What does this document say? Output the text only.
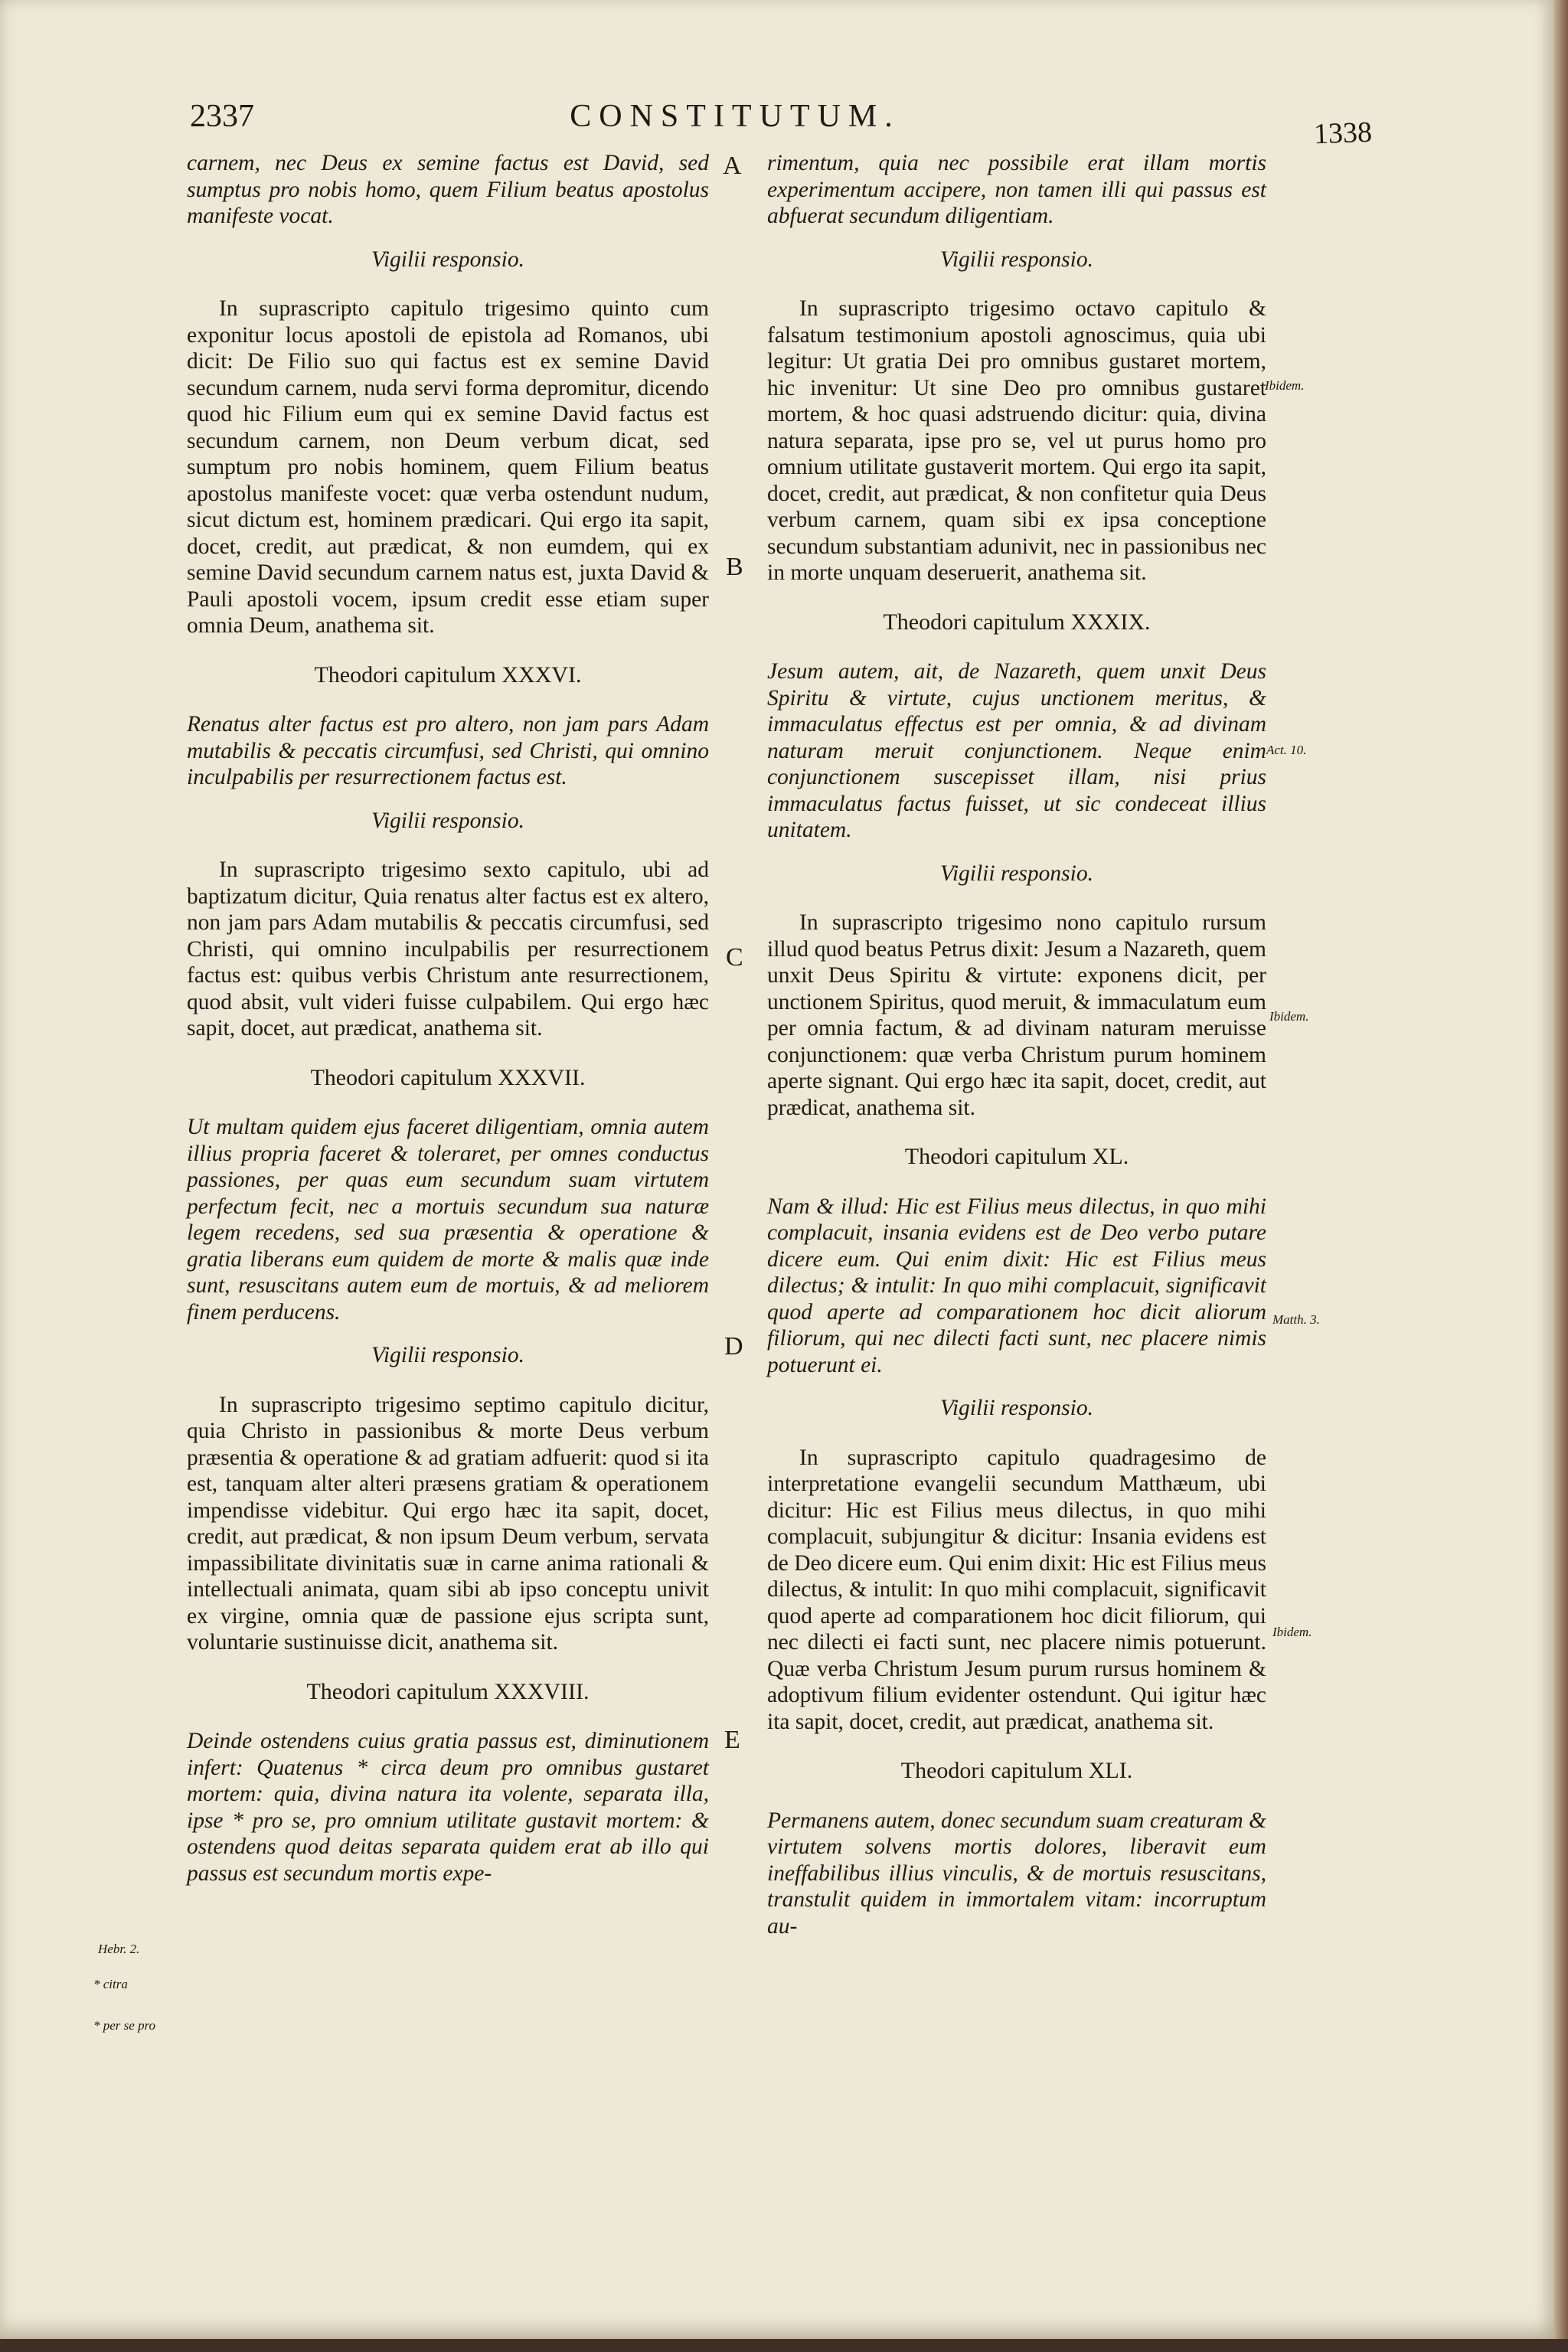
2337	CONSTITUTUM.	1338
A
B
C
D
E
Hebr. 2.
* citra
* per se pro
Ibidem.
Act. 10.
Ibidem.
Matth. 3.
Ibidem.

carnem, nec Deus ex semine factus est David, sed sumptus pro nobis homo, quem Filium beatus apostolus manifeste vocat.

Vigilii responsio.

In suprascripto capitulo trigesimo quinto cum exponitur locus apostoli de epistola ad Romanos, ubi dicit: De Filio suo qui factus est ex semine David secundum carnem, nuda servi forma depromitur, dicendo quod hic Filium eum qui ex semine David factus est secundum carnem, non Deum verbum dicat, sed sumptum pro nobis hominem, quem Filium beatus apostolus manifeste vocet: quæ verba ostendunt nudum, sicut dictum est, hominem prædicari. Qui ergo ita sapit, docet, credit, aut prædicat, & non eumdem, qui ex semine David secundum carnem natus est, juxta David & Pauli apostoli vocem, ipsum credit esse etiam super omnia Deum, anathema sit.

Theodori capitulum XXXVI.

Renatus alter factus est pro altero, non jam pars Adam mutabilis & peccatis circumfusi, sed Christi, qui omnino inculpabilis per resurrectionem factus est.

Vigilii responsio.

In suprascripto trigesimo sexto capitulo, ubi ad baptizatum dicitur, Quia renatus alter factus est ex altero, non jam pars Adam mutabilis & peccatis circumfusi, sed Christi, qui omnino inculpabilis per resurrectionem factus est: quibus verbis Christum ante resurrectionem, quod absit, vult videri fuisse culpabilem. Qui ergo hæc sapit, docet, aut prædicat, anathema sit.

Theodori capitulum XXXVII.

Ut multam quidem ejus faceret diligentiam, omnia autem illius propria faceret & toleraret, per omnes conductus passiones, per quas eum secundum suam virtutem perfectum fecit, nec a mortuis secundum sua naturæ legem recedens, sed sua præsentia & operatione & gratia liberans eum quidem de morte & malis quæ inde sunt, resuscitans autem eum de mortuis, & ad meliorem finem perducens.

Vigilii responsio.

In suprascripto trigesimo septimo capitulo dicitur, quia Christo in passionibus & morte Deus verbum præsentia & operatione & ad gratiam adfuerit: quod si ita est, tanquam alter alteri præsens gratiam & operationem impendisse videbitur. Qui ergo hæc ita sapit, docet, credit, aut prædicat, & non ipsum Deum verbum, servata impassibilitate divinitatis suæ in carne anima rationali & intellectuali animata, quam sibi ab ipso conceptu univit ex virgine, omnia quæ de passione ejus scripta sunt, voluntarie sustinuisse dicit, anathema sit.

Theodori capitulum XXXVIII.

Deinde ostendens cuius gratia passus est, diminutionem infert: Quatenus * circa deum pro omnibus gustaret mortem: quia, divina natura ita volente, separata illa, ipse * pro se, pro omnium utilitate gustavit mortem: & ostendens quod deitas separata quidem erat ab illo qui passus est secundum mortis expe-

rimentum, quia nec possibile erat illam mortis experimentum accipere, non tamen illi qui passus est abfuerat secundum diligentiam.

Vigilii responsio.

In suprascripto trigesimo octavo capitulo & falsatum testimonium apostoli agnoscimus, quia ubi legitur: Ut gratia Dei pro omnibus gustaret mortem, hic invenitur: Ut sine Deo pro omnibus gustaret mortem, & hoc quasi adstruendo dicitur: quia, divina natura separata, ipse pro se, vel ut purus homo pro omnium utilitate gustaverit mortem. Qui ergo ita sapit, docet, credit, aut prædicat, & non confitetur quia Deus verbum carnem, quam sibi ex ipsa conceptione secundum substantiam adunivit, nec in passionibus nec in morte unquam deseruerit, anathema sit.

Theodori capitulum XXXIX.

Jesum autem, ait, de Nazareth, quem unxit Deus Spiritu & virtute, cujus unctionem meritus, & immaculatus effectus est per omnia, & ad divinam naturam meruit conjunctionem. Neque enim conjunctionem suscepisset illam, nisi prius immaculatus factus fuisset, ut sic condeceat illius unitatem.

Vigilii responsio.

In suprascripto trigesimo nono capitulo rursum illud quod beatus Petrus dixit: Jesum a Nazareth, quem unxit Deus Spiritu & virtute: exponens dicit, per unctionem Spiritus, quod meruit, & immaculatum eum per omnia factum, & ad divinam naturam meruisse conjunctionem: quæ verba Christum purum hominem aperte signant. Qui ergo hæc ita sapit, docet, credit, aut prædicat, anathema sit.

Theodori capitulum XL.

Nam & illud: Hic est Filius meus dilectus, in quo mihi complacuit, insania evidens est de Deo verbo putare dicere eum. Qui enim dixit: Hic est Filius meus dilectus; & intulit: In quo mihi complacuit, significavit quod aperte ad comparationem hoc dicit aliorum filiorum, qui nec dilecti facti sunt, nec placere nimis potuerunt ei.

Vigilii responsio.

In suprascripto capitulo quadragesimo de interpretatione evangelii secundum Matthæum, ubi dicitur: Hic est Filius meus dilectus, in quo mihi complacuit, subjungitur & dicitur: Insania evidens est de Deo dicere eum. Qui enim dixit: Hic est Filius meus dilectus, & intulit: In quo mihi complacuit, significavit quod aperte ad comparationem hoc dicit filiorum, qui nec dilecti ei facti sunt, nec placere nimis potuerunt. Quæ verba Christum Jesum purum rursus hominem & adoptivum filium evidenter ostendunt. Qui igitur hæc ita sapit, docet, credit, aut prædicat, anathema sit.

Theodori capitulum XLI.

Permanens autem, donec secundum suam creaturam & virtutem solvens mortis dolores, liberavit eum ineffabilibus illius vinculis, & de mortuis resuscitans, transtulit quidem in immortalem vitam: incorruptum au-
